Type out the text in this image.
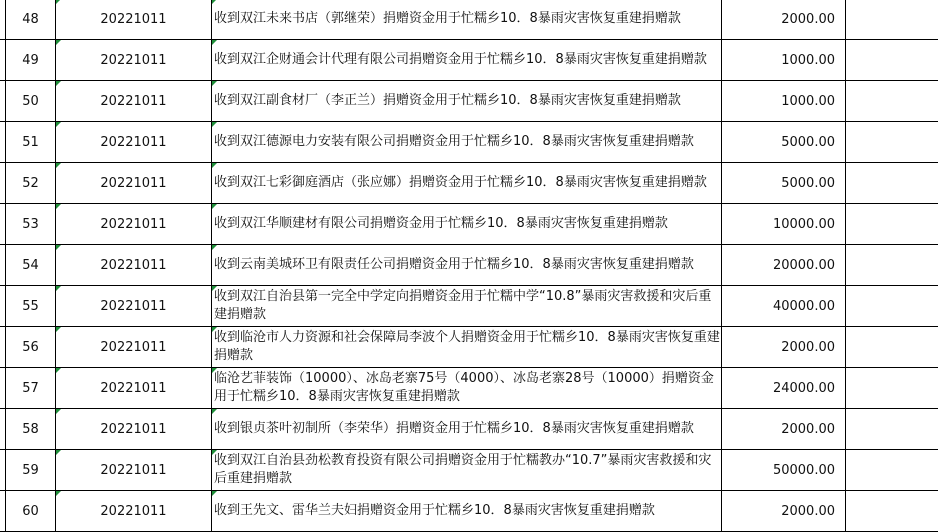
	48	20221011	收到双江未来书店（郭继荣）捐赠资金用于忙糯乡10．8暴雨灾害恢复重建捐赠款	2000.00	
	49	20221011	收到双江企财通会计代理有限公司捐赠资金用于忙糯乡10．8暴雨灾害恢复重建捐赠款	1000.00	
	50	20221011	收到双江副食材厂（李正兰）捐赠资金用于忙糯乡10．8暴雨灾害恢复重建捐赠款	1000.00	
	51	20221011	收到双江德源电力安装有限公司捐赠资金用于忙糯乡10．8暴雨灾害恢复重建捐赠款	5000.00	
	52	20221011	收到双江七彩御庭酒店（张应娜）捐赠资金用于忙糯乡10．8暴雨灾害恢复重建捐赠款	5000.00	
	53	20221011	收到双江华顺建材有限公司捐赠资金用于忙糯乡10．8暴雨灾害恢复重建捐赠款	10000.00	
	54	20221011	收到云南美城环卫有限责任公司捐赠资金用于忙糯乡10．8暴雨灾害恢复重建捐赠款	20000.00	
	55	20221011	收到双江自治县第一完全中学定向捐赠资金用于忙糯中学“10.8”暴雨灾害救援和灾后重建捐赠款	40000.00	
	56	20221011	收到临沧市人力资源和社会保障局李波个人捐赠资金用于忙糯乡10．8暴雨灾害恢复重建捐赠款	2000.00	
	57	20221011	临沧艺菲装饰（10000）、冰岛老寨75号（4000）、冰岛老寨28号（10000）捐赠资金用于忙糯乡10．8暴雨灾害恢复重建捐赠款	24000.00	
	58	20221011	收到银贞茶叶初制所（李荣华）捐赠资金用于忙糯乡10．8暴雨灾害恢复重建捐赠款	2000.00	
	59	20221011	收到双江自治县劲松教育投资有限公司捐赠资金用于忙糯教办“10.7”暴雨灾害救援和灾后重建捐赠款	50000.00	
	60	20221011	收到王先文、雷华兰夫妇捐赠资金用于忙糯乡10．8暴雨灾害恢复重建捐赠款	2000.00	
